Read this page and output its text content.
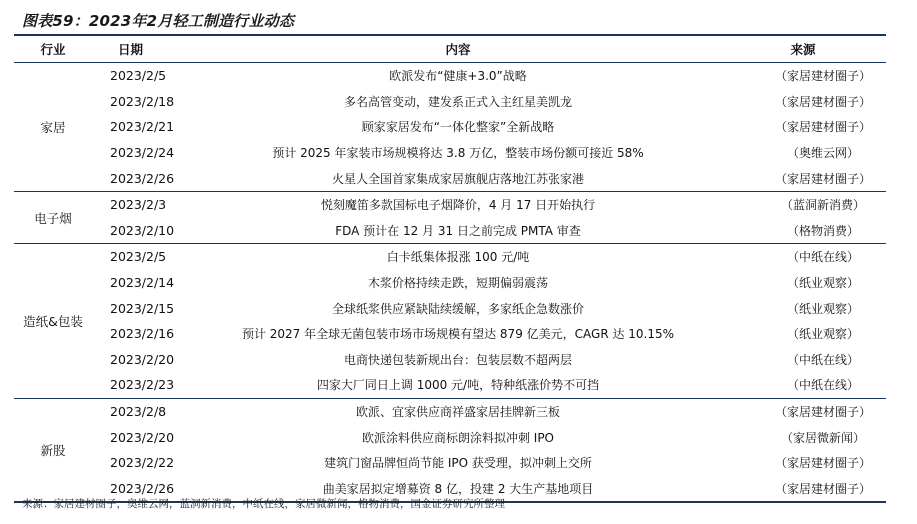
图表59：2023年2月轻工制造行业动态
行业	日期	内容	来源
家居
2023/2/5	欧派发布“健康+3.0”战略	（家居建材圈子）
2023/2/18	多名高管变动，建发系正式入主红星美凯龙	（家居建材圈子）
2023/2/21	顾家家居发布“一体化整家”全新战略	（家居建材圈子）
2023/2/24	预计 2025 年家装市场规模将达 3.8 万亿，整装市场份额可接近 58%	（奥维云网）
2023/2/26	火星人全国首家集成家居旗舰店落地江苏张家港	（家居建材圈子）
电子烟
2023/2/3	悦刻魔笛多款国标电子烟降价，4 月 17 日开始执行	（蓝洞新消费）
2023/2/10	FDA 预计在 12 月 31 日之前完成 PMTA 审查	（格物消费）
造纸&包装
2023/2/5	白卡纸集体报涨 100 元/吨	（中纸在线）
2023/2/14	木浆价格持续走跌，短期偏弱震荡	（纸业观察）
2023/2/15	全球纸浆供应紧缺陆续缓解，多家纸企急数涨价	（纸业观察）
2023/2/16	预计 2027 年全球无菌包装市场市场规模有望达 879 亿美元，CAGR 达 10.15%	（纸业观察）
2023/2/20	电商快递包装新规出台：包装层数不超两层	（中纸在线）
2023/2/23	四家大厂同日上调 1000 元/吨，特种纸涨价势不可挡	（中纸在线）
新股
2023/2/8	欧派、宜家供应商祥盛家居挂牌新三板	（家居建材圈子）
2023/2/20	欧派涂料供应商标朗涂料拟冲刺 IPO	（家居微新闻）
2023/2/22	建筑门窗品牌恒尚节能 IPO 获受理，拟冲刺上交所	（家居建材圈子）
2023/2/26	曲美家居拟定增募资 8 亿，投建 2 大生产基地项目	（家居建材圈子）
来源：家居建材圈子，奥维云网，蓝洞新消费，中纸在线，家居微新闻，格物消费，国金证券研究所整理
